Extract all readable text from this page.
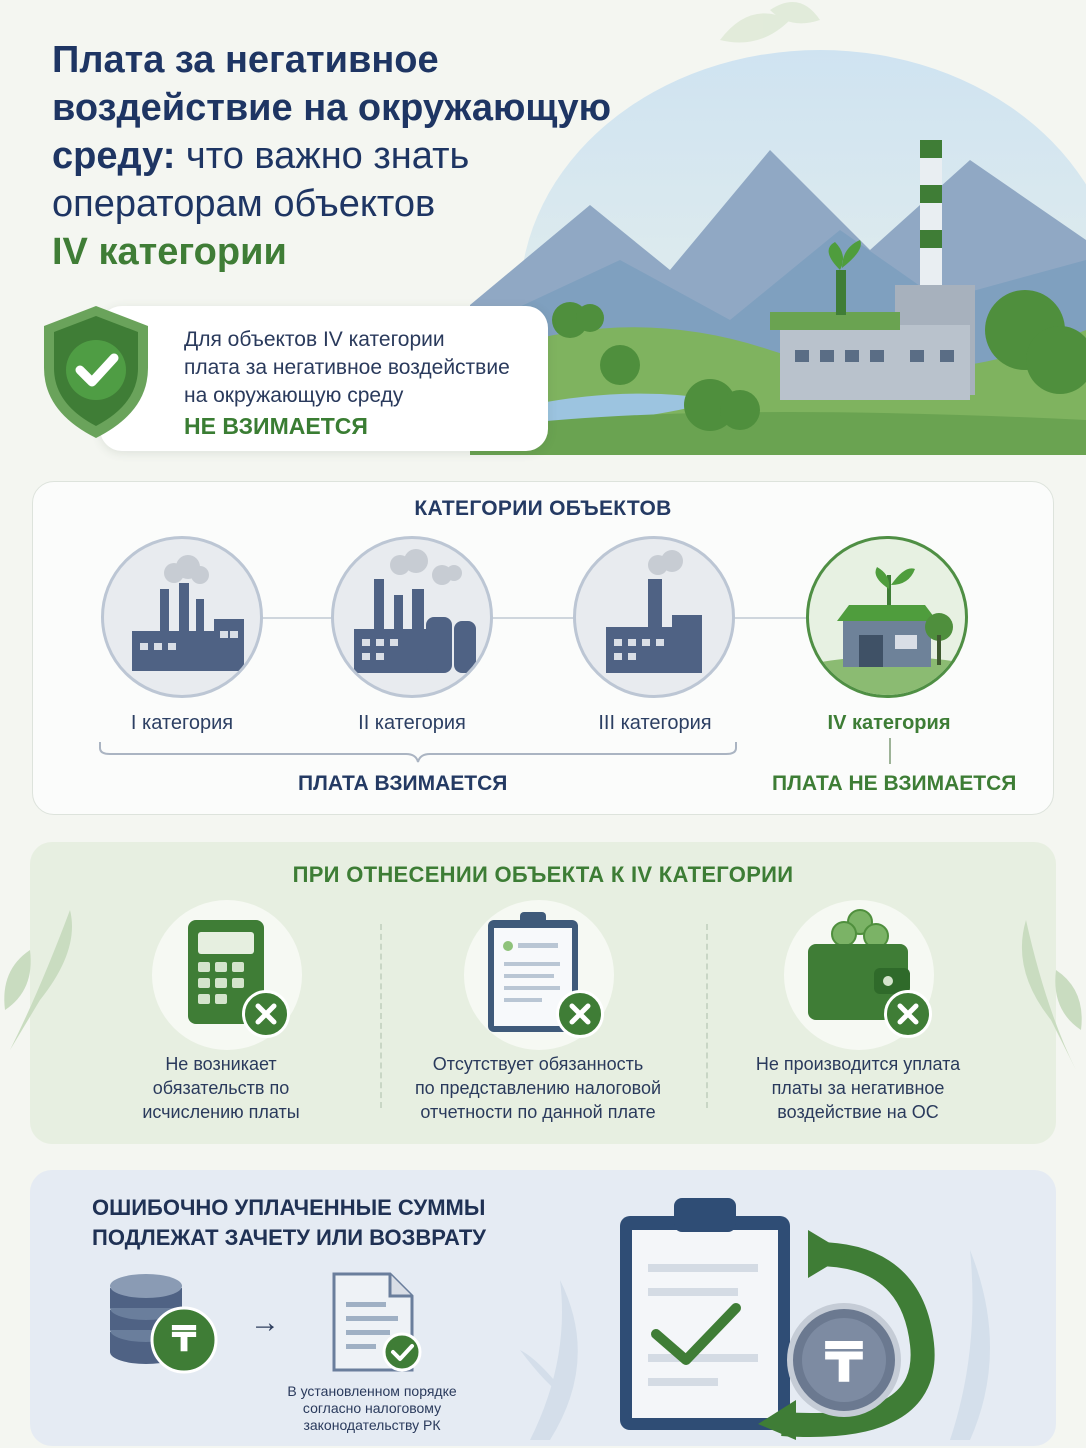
Плата за негативное
воздействие на окружающую
среду: что важно знать
операторам объектов
IV категории
Для объектов IV категории
плата за негативное воздействие
на окружающую среду
НЕ ВЗИМАЕТСЯ
КАТЕГОРИИ ОБЪЕКТОВ
I категория	II категория	III категория	IV категория
ПЛАТА ВЗИМАЕТСЯ	ПЛАТА НЕ ВЗИМАЕТСЯ
ПРИ ОТНЕСЕНИИ ОБЪЕКТА К IV КАТЕГОРИИ
Не возникает
обязательств по
исчислению платы
Отсутствует обязанность
по представлению налоговой
отчетности по данной плате
Не производится уплата
платы за негативное
воздействие на ОС
ОШИБОЧНО УПЛАЧЕННЫЕ СУММЫ
ПОДЛЕЖАТ ЗАЧЕТУ ИЛИ ВОЗВРАТУ
₸ →
В установленном порядке
согласно налоговому
законодательству РК
₸
